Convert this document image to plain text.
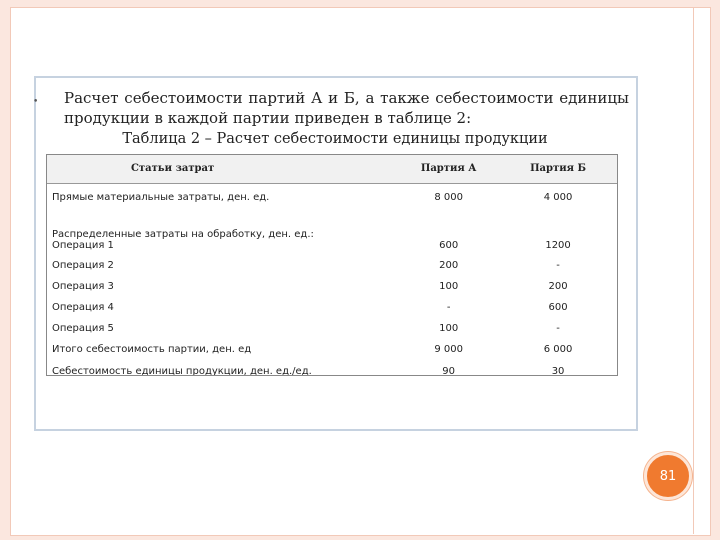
• Расчет себестоимости партий А и Б, а также себестоимости единицы продукции в каждой партии приведен в таблице 2:
Таблица 2 – Расчет себестоимости единицы продукции
Статьи затрат	Партия А	Партия Б
Прямые материальные затраты, ден. ед.	8 000	4 000

Распределенные затраты на обработку, ден. ед.:
Операция 1	600	1200
Операция 2	200	-
Операция 3	100	200
Операция 4	-	600
Операция 5	100	-
Итого себестоимость партии, ден. ед	9 000	6 000
Себестоимость единицы продукции, ден. ед./ед.	90	30
81
